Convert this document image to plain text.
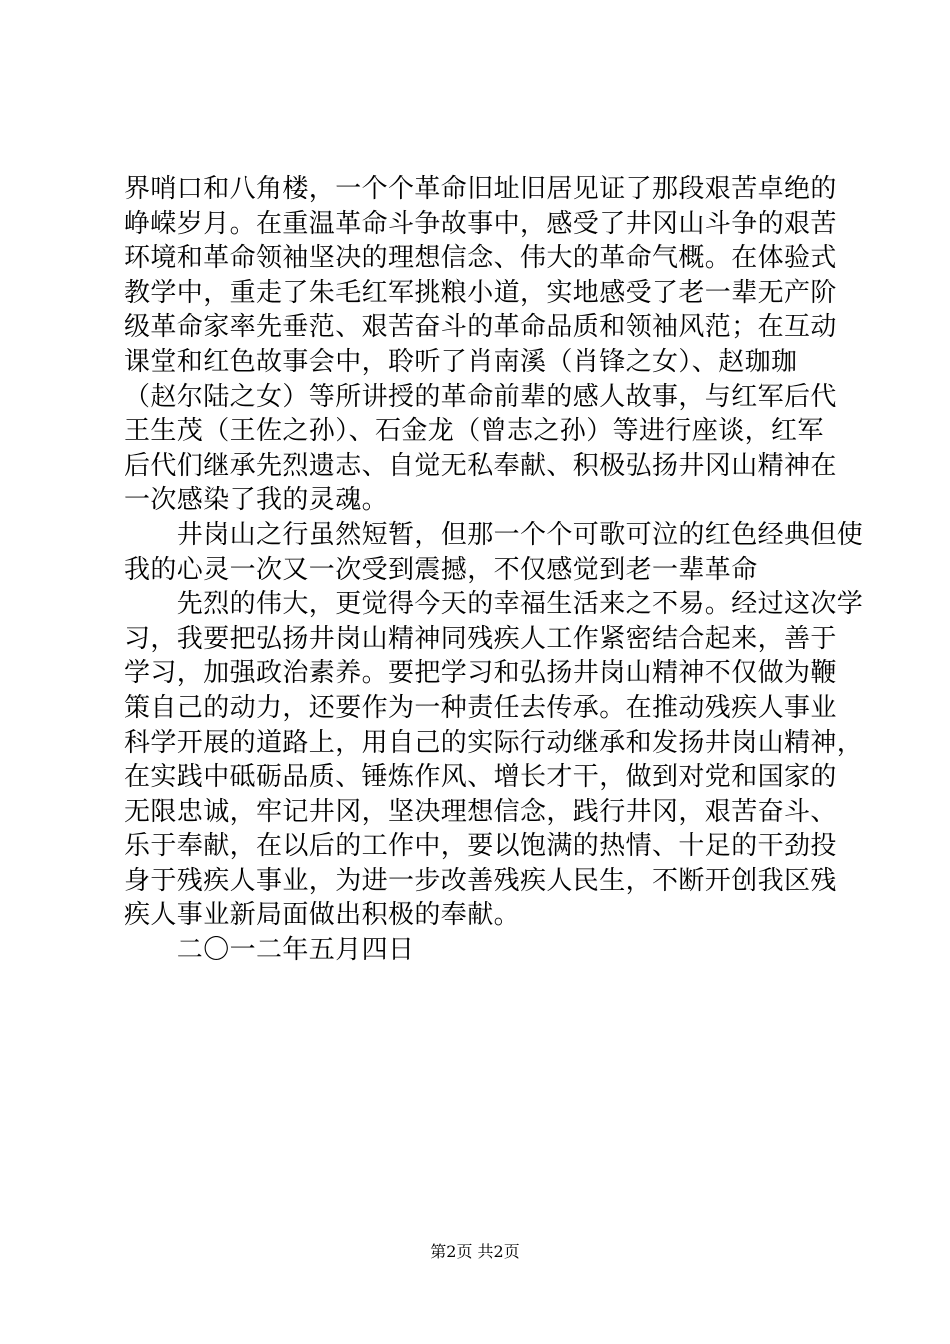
界哨口和八角楼，一个个革命旧址旧居见证了那段艰苦卓绝的
峥嵘岁月。在重温革命斗争故事中，感受了井冈山斗争的艰苦
环境和革命领袖坚决的理想信念、伟大的革命气概。在体验式
教学中，重走了朱毛红军挑粮小道，实地感受了老一辈无产阶
级革命家率先垂范、艰苦奋斗的革命品质和领袖风范；在互动
课堂和红色故事会中，聆听了肖南溪（肖锋之女）、赵珈珈
（赵尔陆之女）等所讲授的革命前辈的感人故事，与红军后代
王生茂（王佐之孙）、石金龙（曾志之孙）等进行座谈，红军
后代们继承先烈遗志、自觉无私奉献、积极弘扬井冈山精神在
一次感染了我的灵魂。
　　井岗山之行虽然短暂，但那一个个可歌可泣的红色经典但使
我的心灵一次又一次受到震撼，不仅感觉到老一辈革命
　　先烈的伟大，更觉得今天的幸福生活来之不易。经过这次学
习，我要把弘扬井岗山精神同残疾人工作紧密结合起来，善于
学习，加强政治素养。要把学习和弘扬井岗山精神不仅做为鞭
策自己的动力，还要作为一种责任去传承。在推动残疾人事业
科学开展的道路上，用自己的实际行动继承和发扬井岗山精神，
在实践中砥砺品质、锤炼作风、增长才干，做到对党和国家的
无限忠诚，牢记井冈，坚决理想信念，践行井冈，艰苦奋斗、
乐于奉献，在以后的工作中，要以饱满的热情、十足的干劲投
身于残疾人事业，为进一步改善残疾人民生，不断开创我区残
疾人事业新局面做出积极的奉献。
　　二〇一二年五月四日
第2页 共2页
